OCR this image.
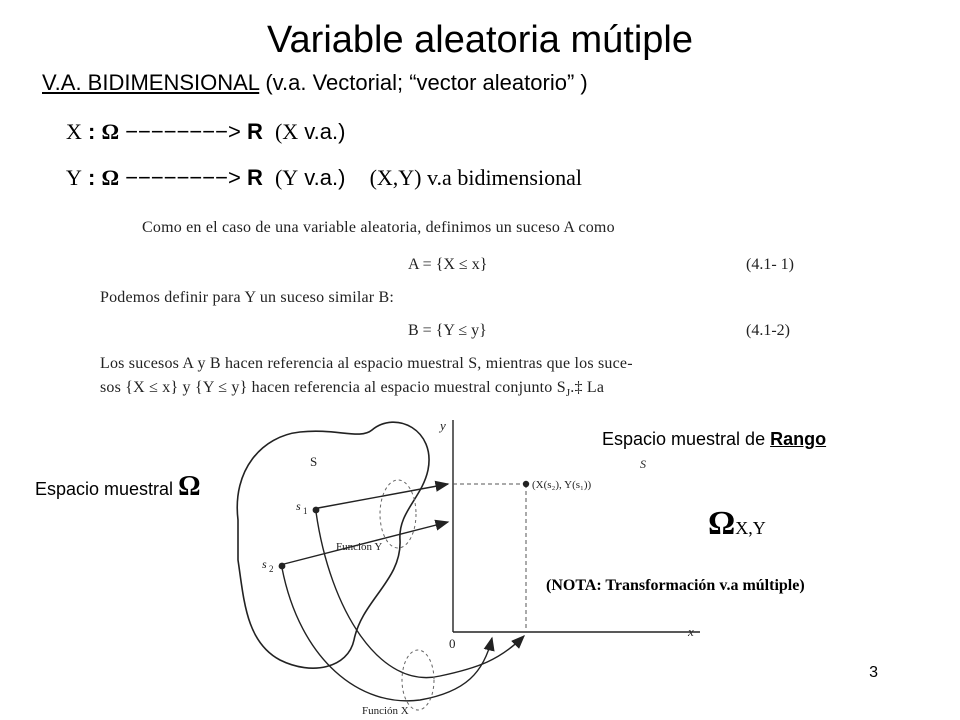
Variable aleatoria mútiple
V.A. BIDIMENSIONAL (v.a. Vectorial; “vector aleatorio” )
X : Ω −−−−−−−−> R (X v.a.)
Y : Ω −−−−−−−−> R (Y v.a.) (X,Y) v.a bidimensional
Como en el caso de una variable aleatoria, definimos un suceso A como
A = {X ≤ x}	(4.1- 1)
Podemos definir para Y un suceso similar B:
B = {Y ≤ y}	(4.1-2)
Los sucesos A y B hacen referencia al espacio muestral S, mientras que los suce-
sos {X ≤ x} y {Y ≤ y} hacen referencia al espacio muestral conjunto $S_J.\ddagger$ La
S
y
x
0
S
(X(s₂), Y(s₁))
s 1
s 2
Función Y
Función X
Espacio muestral Ω
Espacio muestral de Rango
ΩX,Y
(NOTA: Transformación v.a múltiple)
3
